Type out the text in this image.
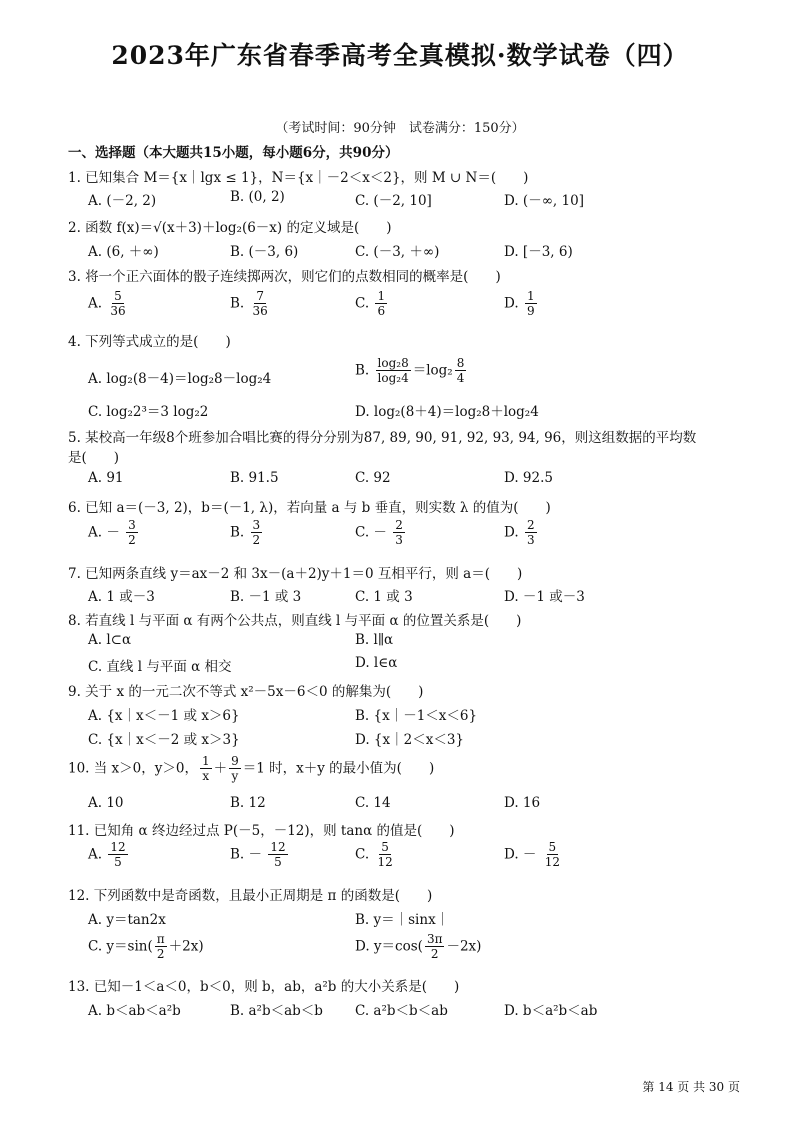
2023年广东省春季高考全真模拟·数学试卷（四）
（考试时间：90分钟　试卷满分：150分）
一、选择题（本大题共15小题，每小题6分，共90分）
1. 已知集合 M＝{x｜lgx ≤ 1}，N＝{x｜－2＜x＜2}，则 M ∪ N＝(　　)
A. (－2, 2)	B. (0, 2)	C. (－2, 10]	D. (－∞, 10]
2. 函数 f(x)＝√(x＋3)＋log₂(6－x) 的定义域是(　　)
A. (6, ＋∞)	B. (－3, 6)	C. (－3, ＋∞)	D. [－3, 6)
3. 将一个正六面体的骰子连续掷两次，则它们的点数相同的概率是(　　)
A. $\frac{5}{36}$	B. $\frac{7}{36}$	C. $\frac{1}{6}$	D. $\frac{1}{9}$
4. 下列等式成立的是(　　)
A. log₂(8－4)＝log₂8－log₂4
B. $\frac{\text{log₂8}}{\text{log₂4}} =\log_2 \frac{8}{4}$
C. log₂2³＝3 log₂2	D. log₂(8＋4)＝log₂8＋log₂4
5. 某校高一年级8个班参加合唱比赛的得分分别为87, 89, 90, 91, 92, 93, 94, 96，则这组数据的平均数
是(　　)
A. 91	B. 91.5	C. 92	D. 92.5
6. 已知 a＝(－3, 2)，b＝(－1, λ)，若向量 a 与 b 垂直，则实数 λ 的值为(　　)
A. － $\frac{3}{2}$	B. $\frac{3}{2}$	C. － $\frac{2}{3}$	D. $\frac{2}{3}$
7. 已知两条直线 y＝ax－2 和 3x－(a＋2)y＋1＝0 互相平行，则 a＝(　　)
A. 1 或－3	B. －1 或 3	C. 1 或 3	D. －1 或－3
8. 若直线 l 与平面 α 有两个公共点，则直线 l 与平面 α 的位置关系是(　　)
A. l⊂α	B. l∥α
C. 直线 l 与平面 α 相交	D. l∈α
9. 关于 x 的一元二次不等式 x²－5x－6＜0 的解集为(　　)
A. {x｜x＜－1 或 x＞6}	B. {x｜－1＜x＜6}
C. {x｜x＜－2 或 x＞3}	D. {x｜2＜x＜3}
10. 当 x＞0，y＞0， $\frac{1}{x} + \frac{9}{y} =1$ 时，x＋y 的最小值为(　　)
A. 10	B. 12	C. 14	D. 16
11. 已知角 α 终边经过点 P(－5，－12)，则 tanα 的值是(　　)
A. $\frac{12}{5}$	B. － $\frac{12}{5}$	C. $\frac{5}{12}$	D. － $\frac{5}{12}$
12. 下列函数中是奇函数，且最小正周期是 π 的函数是(　　)
A. y＝tan2x	B. y＝｜sinx｜
C. $y=\sin( \frac{\pi}{2} +2x)$	D. $y=\cos( \frac{3\pi}{2} -2x)$
13. 已知－1＜a＜0，b＜0，则 b，ab，a²b 的大小关系是(　　)
A. b＜ab＜a²b	B. a²b＜ab＜b C. a²b＜b＜ab	D. b＜a²b＜ab
第 14 页 共 30 页
